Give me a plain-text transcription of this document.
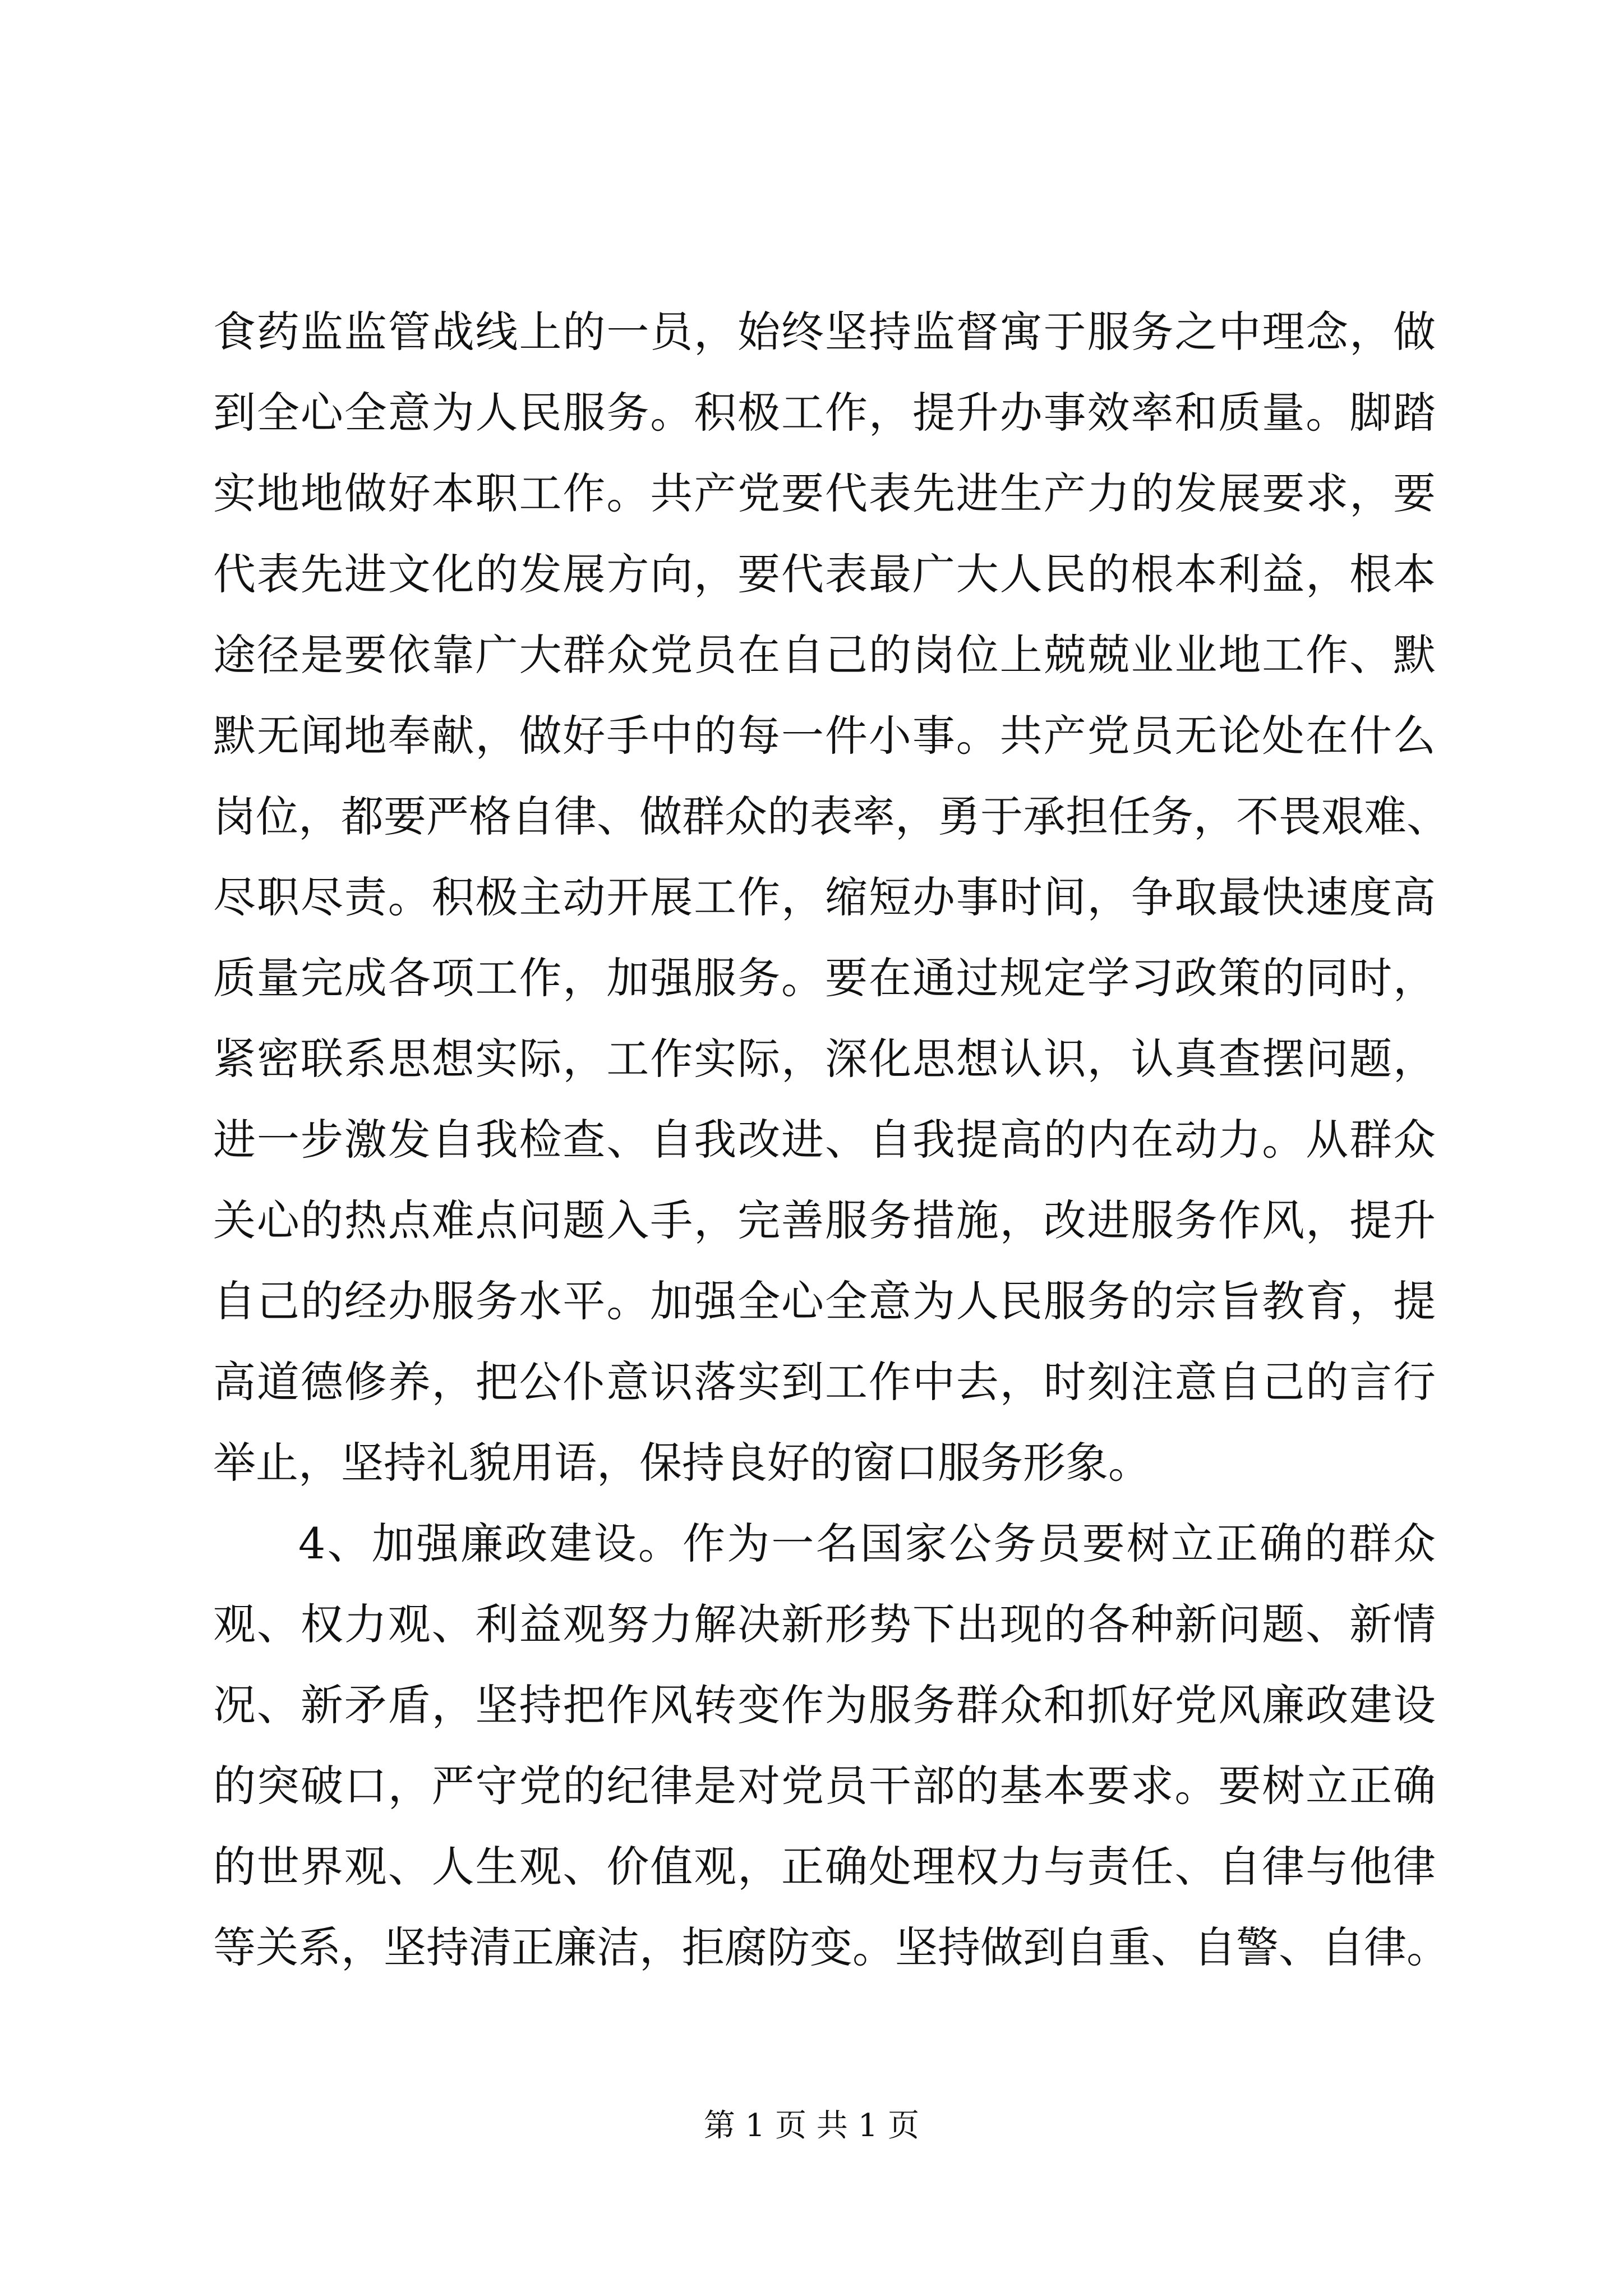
食药监监管战线上的一员，始终坚持监督寓于服务之中理念，做
到全心全意为人民服务。积极工作，提升办事效率和质量。脚踏
实地地做好本职工作。共产党要代表先进生产力的发展要求，要
代表先进文化的发展方向，要代表最广大人民的根本利益，根本
途径是要依靠广大群众党员在自己的岗位上兢兢业业地工作、默
默无闻地奉献，做好手中的每一件小事。共产党员无论处在什么
岗位，都要严格自律、做群众的表率，勇于承担任务，不畏艰难、
尽职尽责。积极主动开展工作，缩短办事时间，争取最快速度高
质量完成各项工作，加强服务。要在通过规定学习政策的同时，
紧密联系思想实际，工作实际，深化思想认识，认真查摆问题，
进一步激发自我检查、自我改进、自我提高的内在动力。从群众
关心的热点难点问题入手，完善服务措施，改进服务作风，提升
自己的经办服务水平。加强全心全意为人民服务的宗旨教育，提
高道德修养，把公仆意识落实到工作中去，时刻注意自己的言行
举止，坚持礼貌用语，保持良好的窗口服务形象。
4、加强廉政建设。作为一名国家公务员要树立正确的群众
观、权力观、利益观努力解决新形势下出现的各种新问题、新情
况、新矛盾，坚持把作风转变作为服务群众和抓好党风廉政建设
的突破口，严守党的纪律是对党员干部的基本要求。要树立正确
的世界观、人生观、价值观，正确处理权力与责任、自律与他律
等关系，坚持清正廉洁，拒腐防变。坚持做到自重、自警、自律。
第 1 页 共 1 页
